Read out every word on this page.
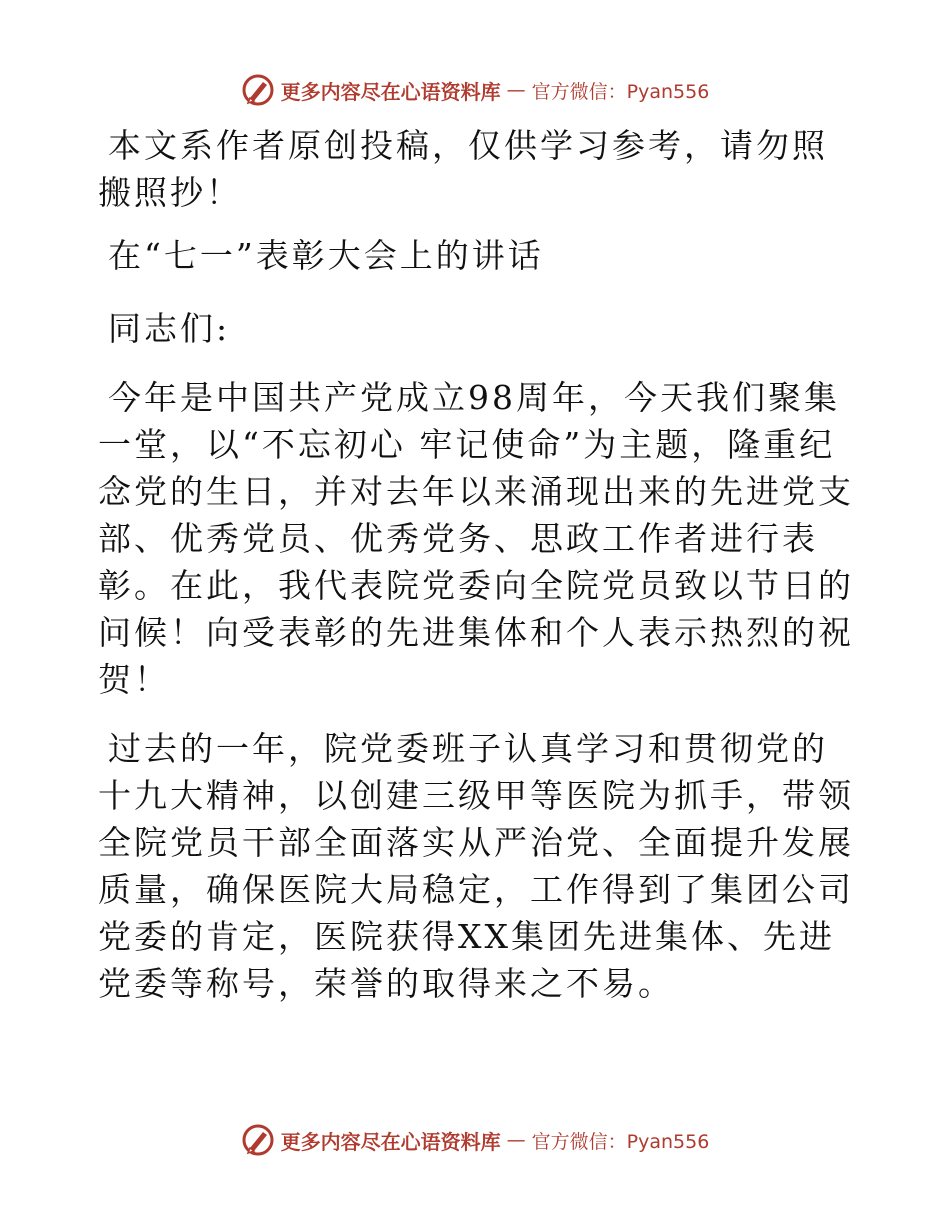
更多内容尽在心语资料库 — 官方微信：Pyan556

本文系作者原创投稿，仅供学习参考，请勿照搬照抄！

在“七一”表彰大会上的讲话

同志们:

今年是中国共产党成立98周年，今天我们聚集一堂，以“不忘初心 牢记使命”为主题，隆重纪念党的生日，并对去年以来涌现出来的先进党支部、优秀党员、优秀党务、思政工作者进行表彰。在此，我代表院党委向全院党员致以节日的问候！向受表彰的先进集体和个人表示热烈的祝贺！

过去的一年，院党委班子认真学习和贯彻党的十九大精神，以创建三级甲等医院为抓手，带领全院党员干部全面落实从严治党、全面提升发展质量，确保医院大局稳定，工作得到了集团公司党委的肯定，医院获得XX集团先进集体、先进党委等称号，荣誉的取得来之不易。

更多内容尽在心语资料库 — 官方微信：Pyan556
